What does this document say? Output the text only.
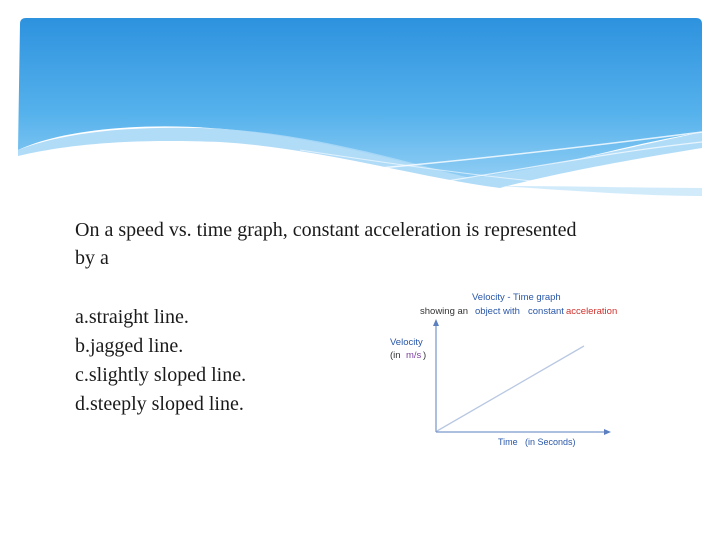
On a speed vs. time graph, constant acceleration is represented by a
a.straight line.
b.jagged line.
c.slightly sloped line.
d.steeply sloped line.
Velocity - Time graph
showing an object with constant acceleration
Velocity
(in m/s )
Time (in Seconds)
